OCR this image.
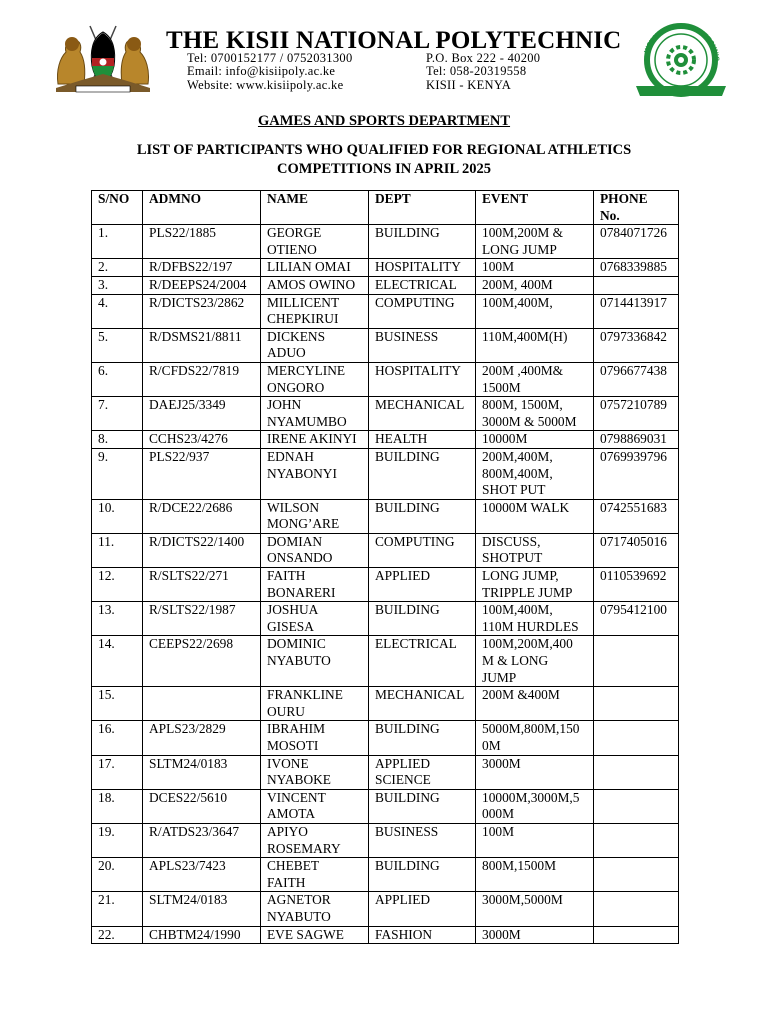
THE KISII NATIONAL POLYTECHNIC
Tel: 0700152177 / 0752031300
Email: info@kisiipoly.ac.ke
Website: www.kisiipoly.ac.ke
P.O. Box 222 - 40200
Tel: 058-20319558
KISII - KENYA
KISII NATIONAL POLYTECHNIC
GAMES AND SPORTS DEPARTMENT
LIST OF PARTICIPANTS WHO QUALIFIED FOR REGIONAL ATHLETICS
COMPETITIONS IN APRIL 2025
S/NO	ADMNO	NAME	DEPT	EVENT	PHONE
No.

1.	PLS22/1885	GEORGE
OTIENO	BUILDING	100M,200M &
LONG JUMP	0784071726

2.	R/DFBS22/197	LILIAN OMAI	HOSPITALITY	100M	0768339885

3.	R/DEEPS24/2004	AMOS OWINO	ELECTRICAL	200M, 400M	

4.	R/DICTS23/2862	MILLICENT
CHEPKIRUI	COMPUTING	100M,400M,	0714413917

5.	R/DSMS21/8811	DICKENS
ADUO	BUSINESS	110M,400M(H)	0797336842

6.	R/CFDS22/7819	MERCYLINE
ONGORO	HOSPITALITY	200M ,400M&
1500M	0796677438

7.	DAEJ25/3349	JOHN
NYAMUMBO	MECHANICAL	800M, 1500M,
3000M & 5000M	0757210789

8.	CCHS23/4276	IRENE AKINYI	HEALTH	10000M	0798869031

9.	PLS22/937	EDNAH
NYABONYI	BUILDING	200M,400M,
800M,400M,
SHOT PUT	0769939796

10.	R/DCE22/2686	WILSON
MONG’ARE	BUILDING	10000M WALK	0742551683

11.	R/DICTS22/1400	DOMIAN
ONSANDO	COMPUTING	DISCUSS,
SHOTPUT	0717405016

12.	R/SLTS22/271	FAITH
BONARERI	APPLIED	LONG JUMP,
TRIPPLE JUMP	0110539692

13.	R/SLTS22/1987	JOSHUA
GISESA	BUILDING	100M,400M,
110M HURDLES	0795412100

14.	CEEPS22/2698	DOMINIC
NYABUTO	ELECTRICAL	100M,200M,400
M & LONG
JUMP	

15.		FRANKLINE
OURU	MECHANICAL	200M &400M	

16.	APLS23/2829	IBRAHIM
MOSOTI	BUILDING	5000M,800M,150
0M	

17.	SLTM24/0183	IVONE
NYABOKE	APPLIED
SCIENCE	3000M	

18.	DCES22/5610	VINCENT
AMOTA	BUILDING	10000M,3000M,5
000M	

19.	R/ATDS23/3647	APIYO
ROSEMARY	BUSINESS	100M	

20.	APLS23/7423	CHEBET
FAITH	BUILDING	800M,1500M	

21.	SLTM24/0183	AGNETOR
NYABUTO	APPLIED	3000M,5000M	

22.	CHBTM24/1990	EVE SAGWE	FASHION	3000M	
